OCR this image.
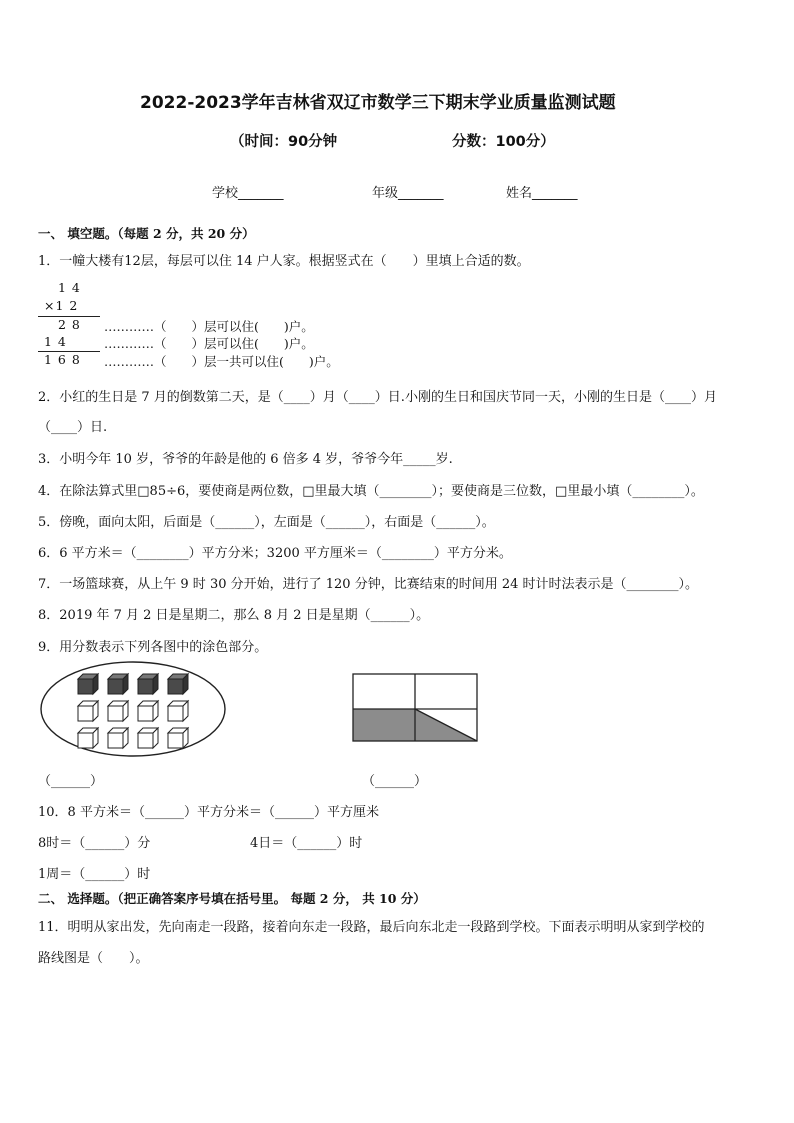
2022-2023学年吉林省双辽市数学三下期末学业质量监测试题
（时间：90分钟	分数：100分）
学校_______	年级_______	姓名_______
一、 填空题。（每题 2 分，共 20 分）
1．一幢大楼有12层，每层可以住 14 户人家。根据竖式在（　　）里填上合适的数。
1 4
×1 2
2 8
1 4
1 6 8
…………（　　）层可以住(　　)户。
…………（　　）层可以住(　　)户。
…………（　　）层一共可以住(　　)户。
2．小红的生日是 7 月的倒数第二天，是（____）月（____）日.小刚的生日和国庆节同一天，小刚的生日是（____）月
（____）日.
3．小明今年 10 岁，爷爷的年龄是他的 6 倍多 4 岁，爷爷今年_____岁.
4．在除法算式里□85÷6，要使商是两位数，□里最大填（________）；要使商是三位数，□里最小填（________）。
5．傍晚，面向太阳，后面是（______），左面是（______），右面是（______）。
6．6 平方米＝（________）平方分米；3200 平方厘米＝（________）平方分米。
7．一场篮球赛，从上午 9 时 30 分开始，进行了 120 分钟，比赛结束的时间用 24 时计时法表示是（________）。
8．2019 年 7 月 2 日是星期二，那么 8 月 2 日是星期（______）。
9．用分数表示下列各图中的涂色部分。
（______）	（______）
10．8 平方米＝（______）平方分米＝（______）平方厘米
8时＝（______）分	4日＝（______）时
1周＝（______）时
二、 选择题。（把正确答案序号填在括号里。 每题 2 分， 共 10 分）
11．明明从家出发，先向南走一段路，接着向东走一段路，最后向东北走一段路到学校。下面表示明明从家到学校的
路线图是（　　）。
